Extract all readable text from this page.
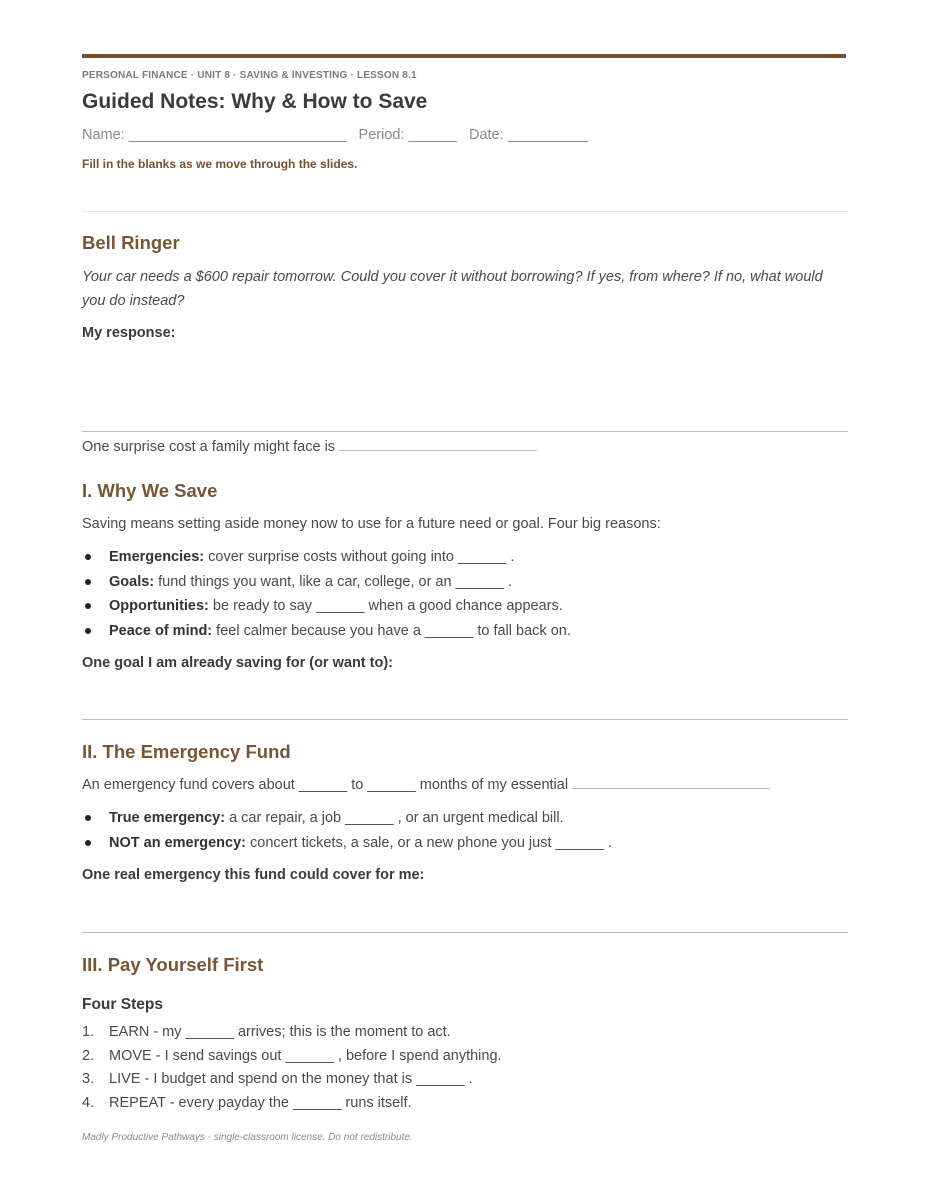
PERSONAL FINANCE · UNIT 8 · SAVING & INVESTING · LESSON 8.1
Guided Notes: Why & How to Save
Name: ___________________________   Period: ______   Date: __________
Fill in the blanks as we move through the slides.
Bell Ringer
Your car needs a $600 repair tomorrow. Could you cover it without borrowing? If yes, from where? If no, what would you do instead?
My response:
One surprise cost a family might face is
I. Why We Save
Saving means setting aside money now to use for a future need or goal. Four big reasons:
Emergencies: cover surprise costs without going into ______ .
Goals: fund things you want, like a car, college, or an ______ .
Opportunities: be ready to say ______ when a good chance appears.
Peace of mind: feel calmer because you have a ______ to fall back on.
One goal I am already saving for (or want to):
II. The Emergency Fund
An emergency fund covers about ______ to ______ months of my essential
True emergency: a car repair, a job ______ , or an urgent medical bill.
NOT an emergency: concert tickets, a sale, or a new phone you just ______ .
One real emergency this fund could cover for me:
III. Pay Yourself First
Four Steps
1. EARN - my ______ arrives; this is the moment to act.
2. MOVE - I send savings out ______ , before I spend anything.
3. LIVE - I budget and spend on the money that is ______ .
4. REPEAT - every payday the ______ runs itself.
Madly Productive Pathways - single-classroom license. Do not redistribute.
